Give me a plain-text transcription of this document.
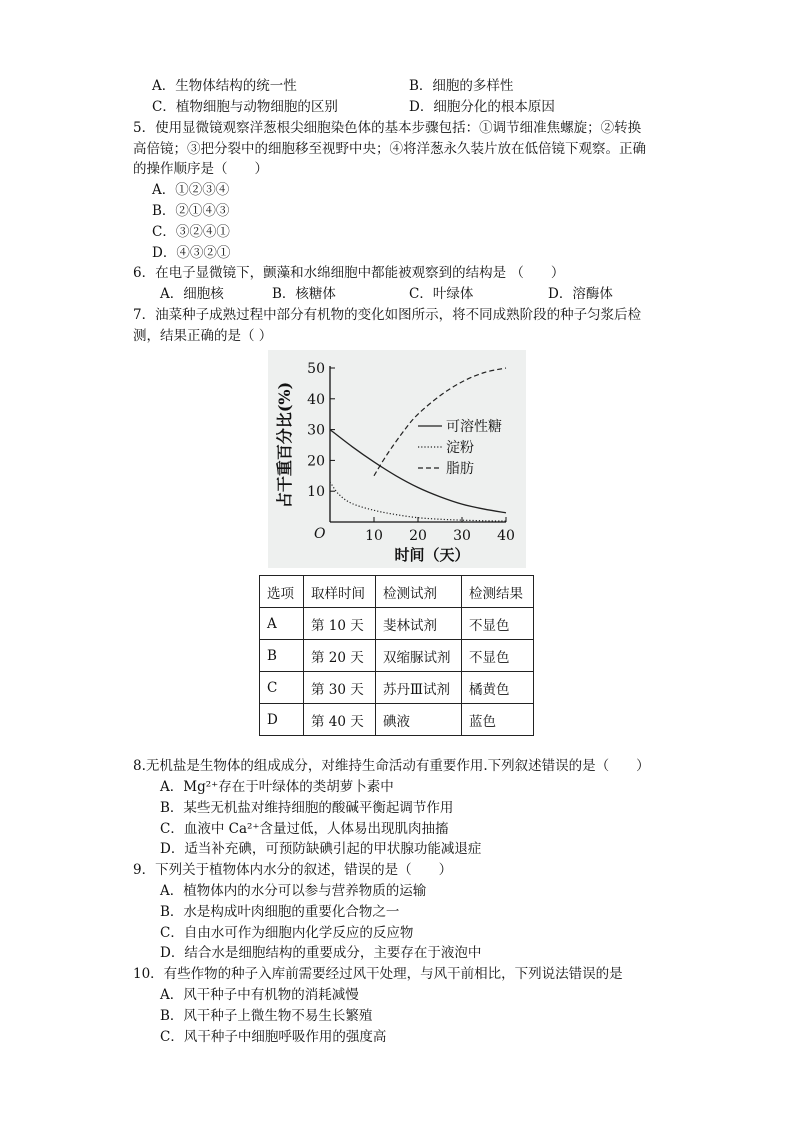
A．生物体结构的统一性	B．细胞的多样性
C．植物细胞与动物细胞的区别	D．细胞分化的根本原因
5．使用显微镜观察洋葱根尖细胞染色体的基本步骤包括：①调节细准焦螺旋；②转换
高倍镜；③把分裂中的细胞移至视野中央；④将洋葱永久装片放在低倍镜下观察。正确
的操作顺序是（　　）
A．①②③④
B．②①④③
C．③②④①
D．④③②①
6．在电子显微镜下，颤藻和水绵细胞中都能被观察到的结构是 （　　）
A．细胞核	B．核糖体	C．叶绿体	D．溶酶体
7．油菜种子成熟过程中部分有机物的变化如图所示，将不同成熟阶段的种子匀浆后检
测，结果正确的是（ ）
10
20
30
40
50
10 20 30 40
O
时间（天）
占干重百分比(%)	可溶性糖
淀粉
脂肪
选项	取样时间	检测试剂	检测结果
A	第 10 天	斐林试剂	不显色
B	第 20 天	双缩脲试剂	不显色
C	第 30 天	苏丹Ⅲ试剂	橘黄色
D	第 40 天	碘液	蓝色
8.无机盐是生物体的组成成分，对维持生命活动有重要作用.下列叙述错误的是（　　）
A．Mg²⁺存在于叶绿体的类胡萝卜素中
B．某些无机盐对维持细胞的酸碱平衡起调节作用
C．血液中 Ca²⁺含量过低，人体易出现肌肉抽搐
D．适当补充碘，可预防缺碘引起的甲状腺功能减退症
9．下列关于植物体内水分的叙述，错误的是（　　）
A．植物体内的水分可以参与营养物质的运输
B．水是构成叶肉细胞的重要化合物之一
C．自由水可作为细胞内化学反应的反应物
D．结合水是细胞结构的重要成分，主要存在于液泡中
10．有些作物的种子入库前需要经过风干处理，与风干前相比，下列说法错误的是
A．风干种子中有机物的消耗减慢
B．风干种子上微生物不易生长繁殖
C．风干种子中细胞呼吸作用的强度高
